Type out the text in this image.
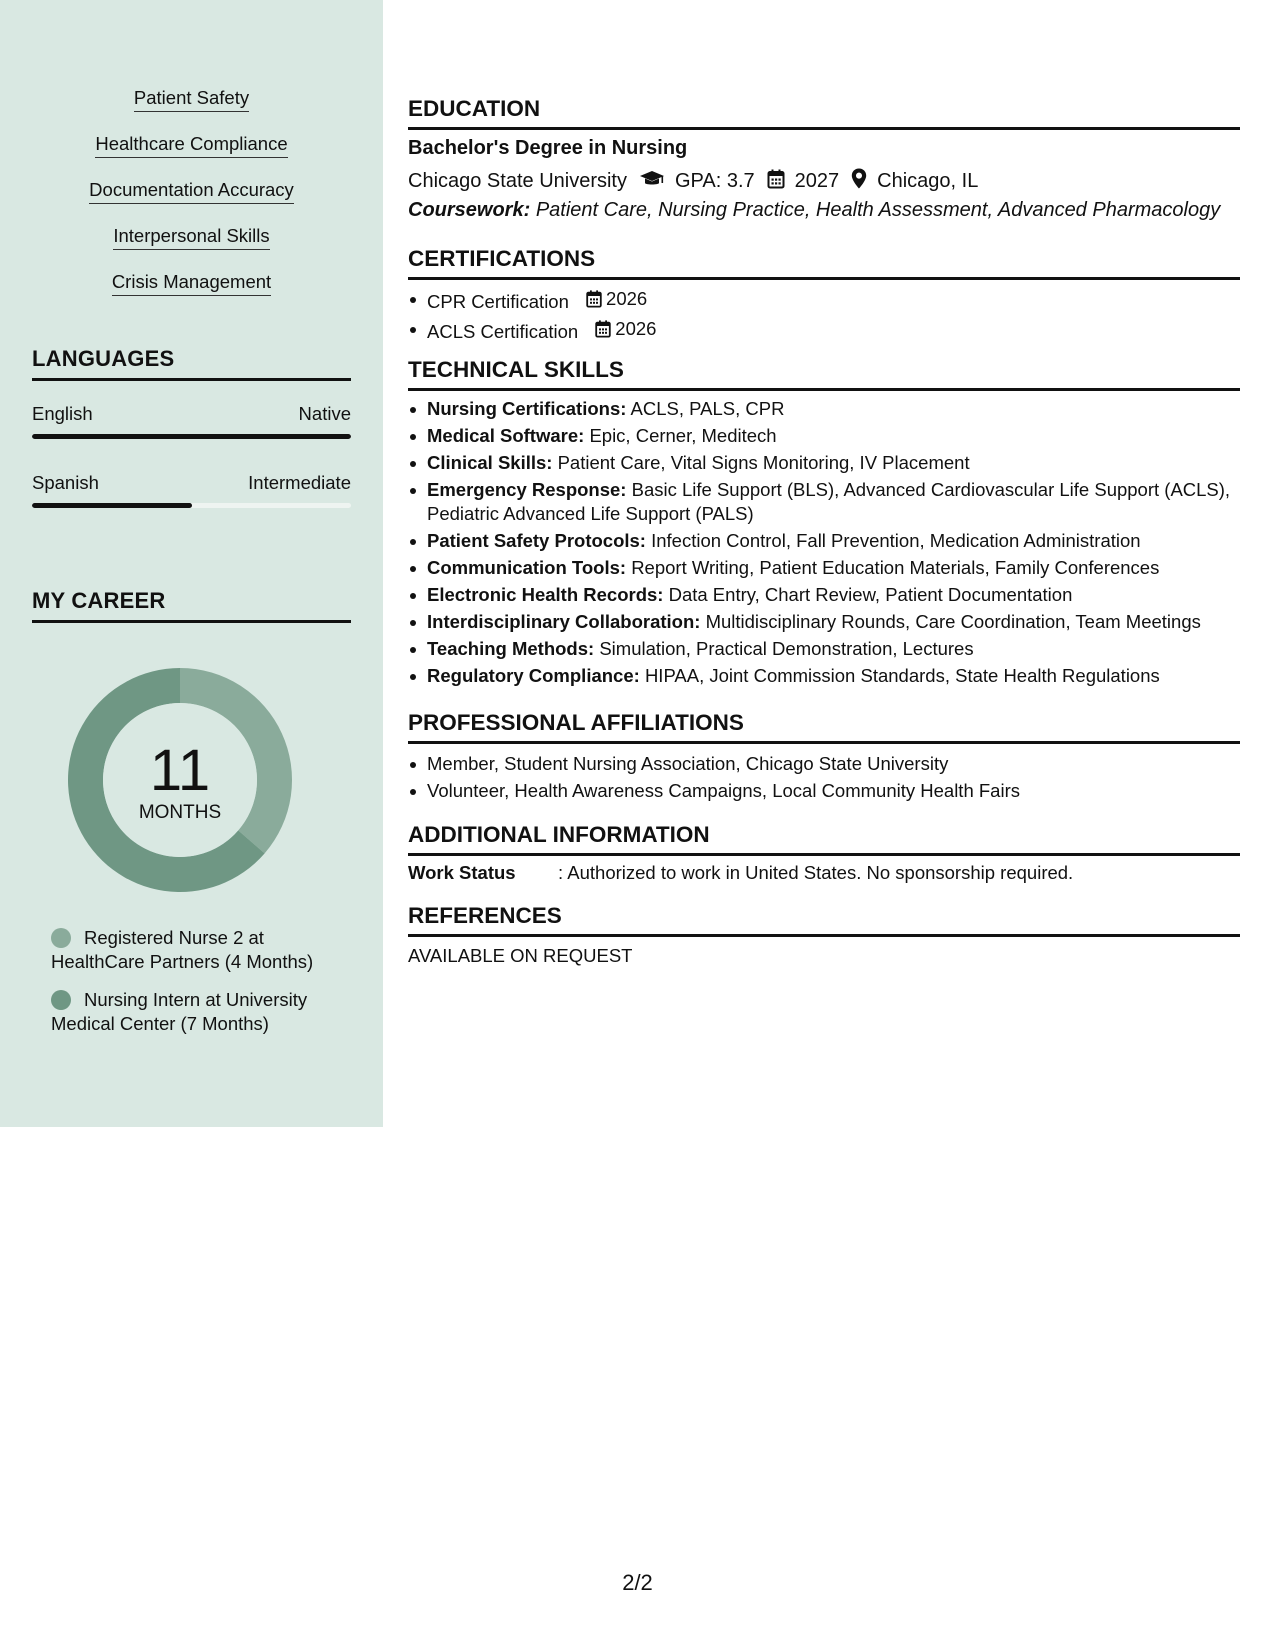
Patient Safety
Healthcare Compliance
Documentation Accuracy
Interpersonal Skills
Crisis Management
LANGUAGES
English	Native
Spanish	Intermediate
MY CAREER
11
MONTHS
Registered Nurse 2 at HealthCare Partners (4 Months)
Nursing Intern at University Medical Center (7 Months)
EDUCATION
Bachelor's Degree in Nursing
Chicago State University GPA: 3.7 2027 Chicago, IL
Coursework: Patient Care, Nursing Practice, Health Assessment, Advanced Pharmacology
CERTIFICATIONS
CPR Certification 2026
ACLS Certification 2026
TECHNICAL SKILLS
Nursing Certifications: ACLS, PALS, CPR
Medical Software: Epic, Cerner, Meditech
Clinical Skills: Patient Care, Vital Signs Monitoring, IV Placement
Emergency Response: Basic Life Support (BLS), Advanced Cardiovascular Life Support (ACLS), Pediatric Advanced Life Support (PALS)
Patient Safety Protocols: Infection Control, Fall Prevention, Medication Administration
Communication Tools: Report Writing, Patient Education Materials, Family Conferences
Electronic Health Records: Data Entry, Chart Review, Patient Documentation
Interdisciplinary Collaboration: Multidisciplinary Rounds, Care Coordination, Team Meetings
Teaching Methods: Simulation, Practical Demonstration, Lectures
Regulatory Compliance: HIPAA, Joint Commission Standards, State Health Regulations
PROFESSIONAL AFFILIATIONS
Member, Student Nursing Association, Chicago State University
Volunteer, Health Awareness Campaigns, Local Community Health Fairs
ADDITIONAL INFORMATION
Work Status	: Authorized to work in United States. No sponsorship required.
REFERENCES
AVAILABLE ON REQUEST
2/2
